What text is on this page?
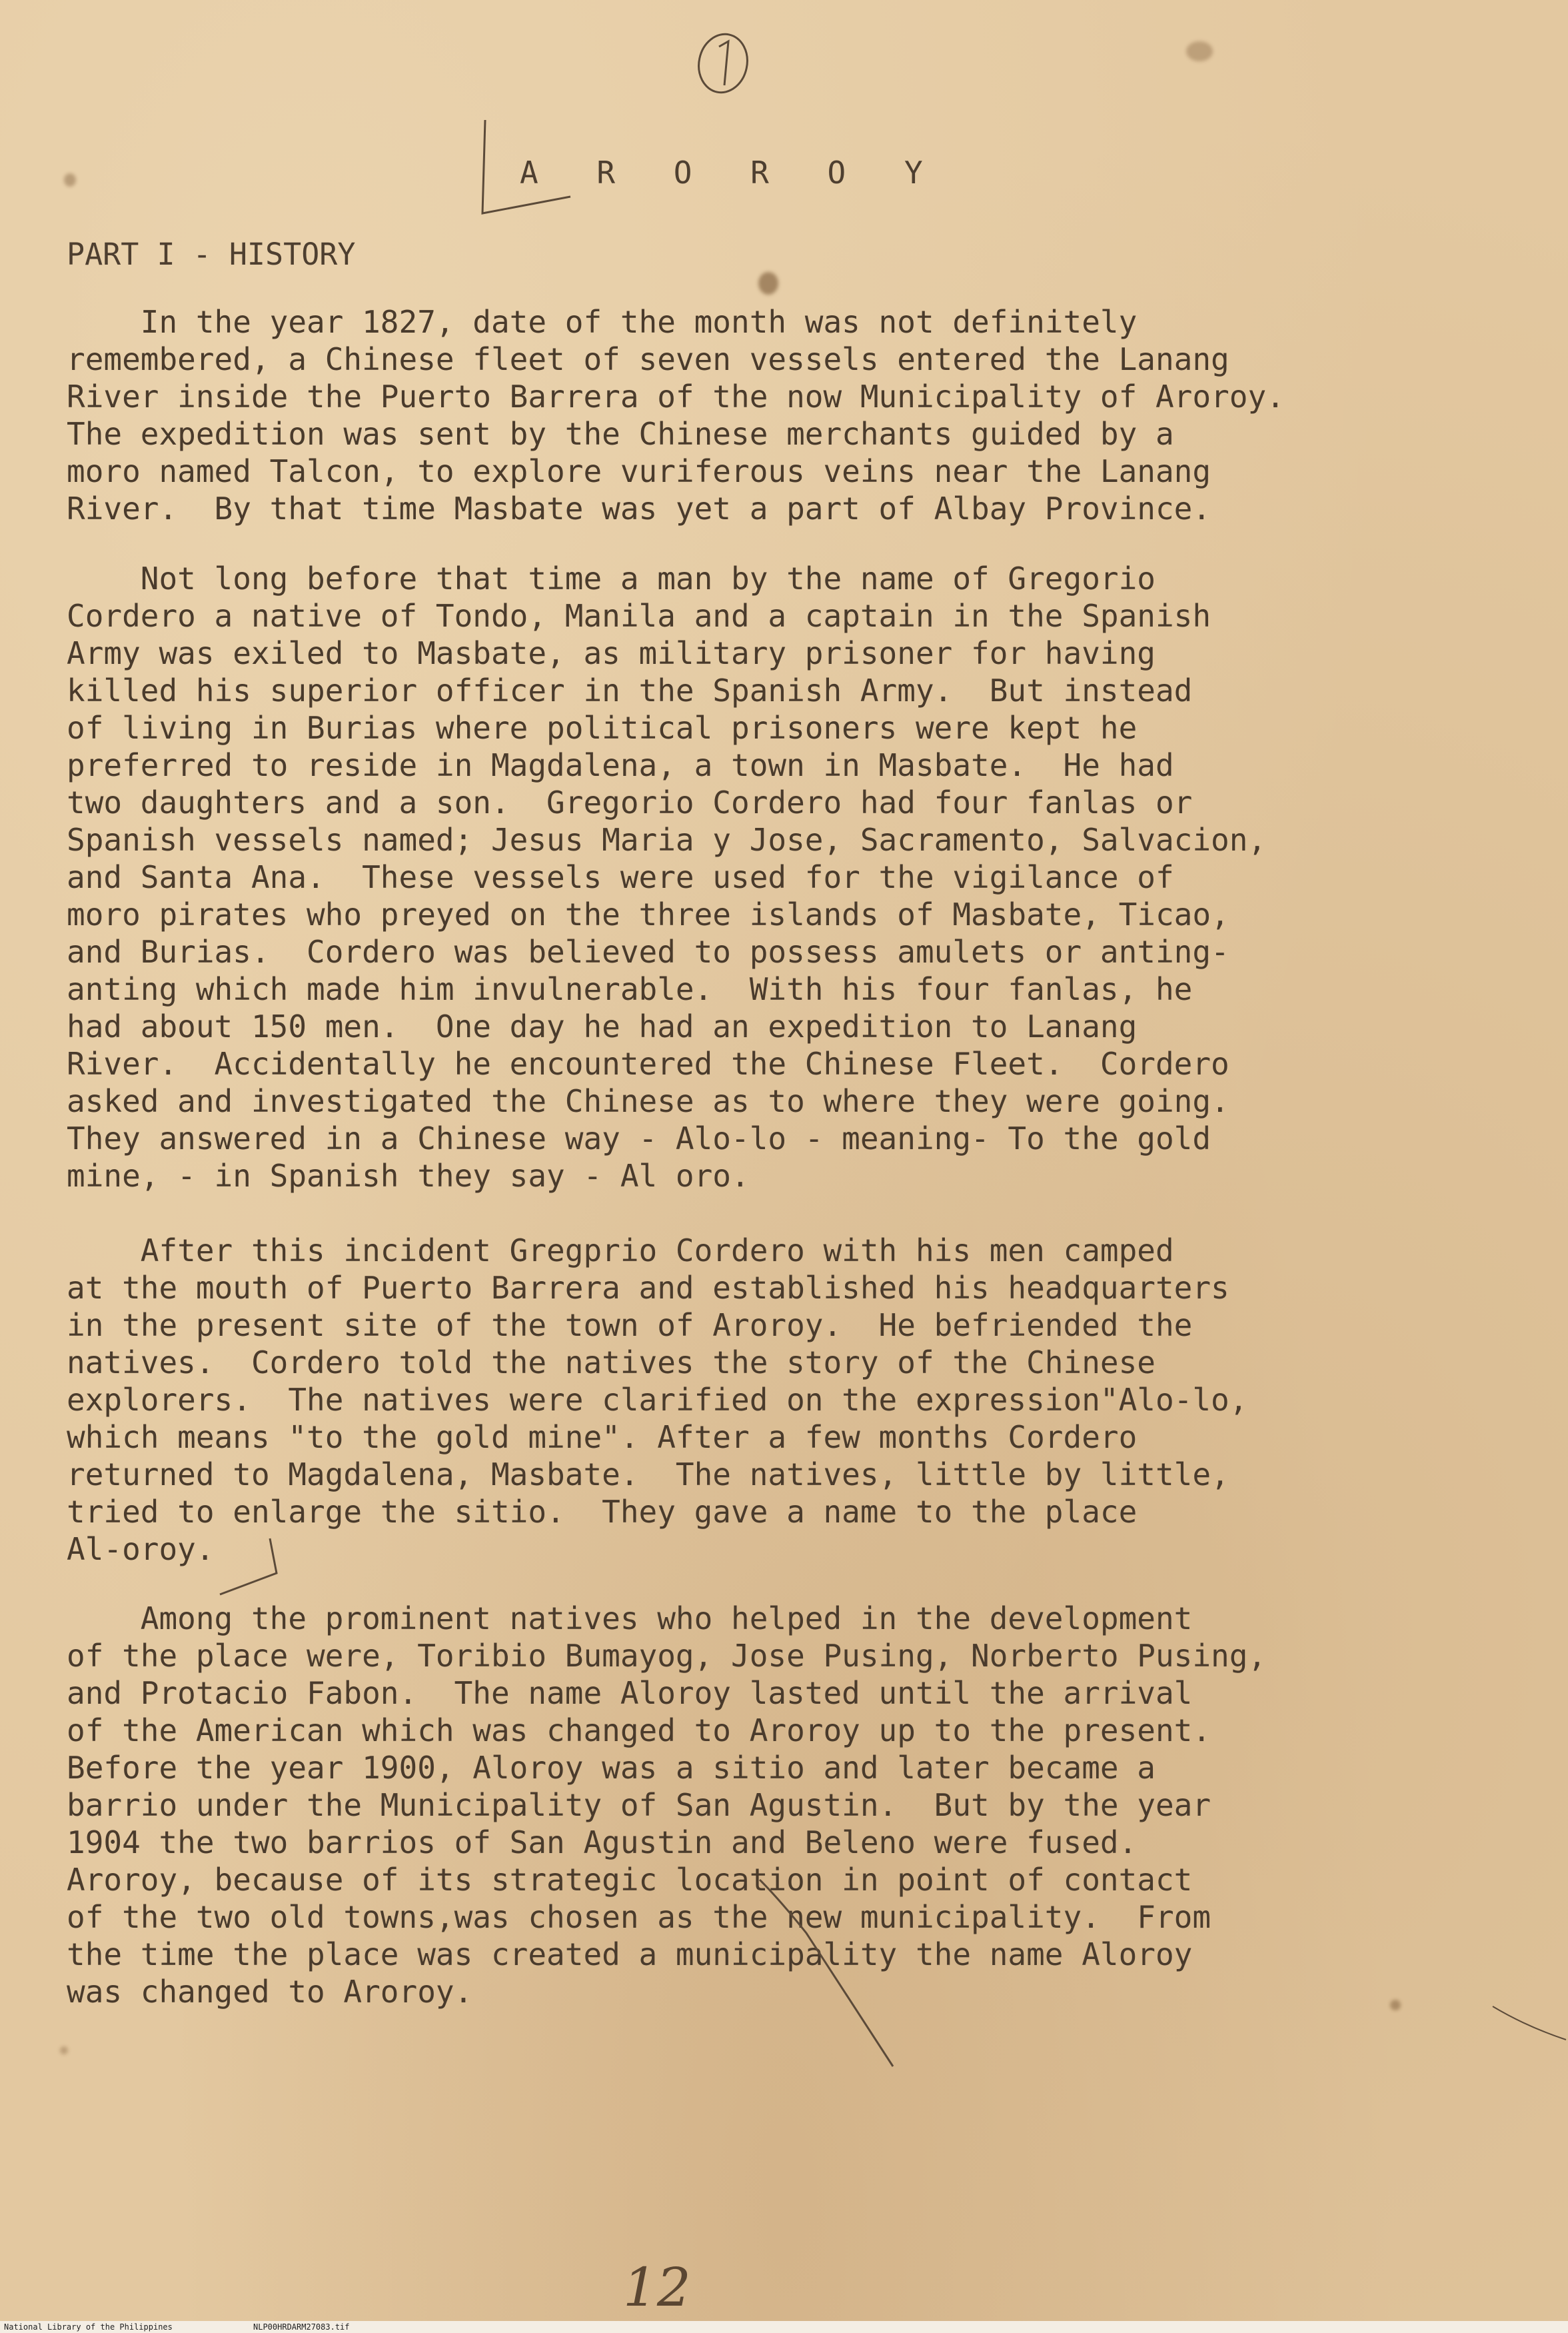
A R O R O Y
PART I - HISTORY
In the year 1827, date of the month was not definitely
remembered, a Chinese fleet of seven vessels entered the Lanang
River inside the Puerto Barrera of the now Municipality of Aroroy.
The expedition was sent by the Chinese merchants guided by a
moro named Talcon, to explore vuriferous veins near the Lanang
River.  By that time Masbate was yet a part of Albay Province.
Not long before that time a man by the name of Gregorio
Cordero a native of Tondo, Manila and a captain in the Spanish
Army was exiled to Masbate, as military prisoner for having
killed his superior officer in the Spanish Army.  But instead
of living in Burias where political prisoners were kept he
preferred to reside in Magdalena, a town in Masbate.  He had
two daughters and a son.  Gregorio Cordero had four fanlas or
Spanish vessels named; Jesus Maria y Jose, Sacramento, Salvacion,
and Santa Ana.  These vessels were used for the vigilance of
moro pirates who preyed on the three islands of Masbate, Ticao,
and Burias.  Cordero was believed to possess amulets or anting-
anting which made him invulnerable.  With his four fanlas, he
had about 150 men.  One day he had an expedition to Lanang
River.  Accidentally he encountered the Chinese Fleet.  Cordero
asked and investigated the Chinese as to where they were going.
They answered in a Chinese way - Alo-lo - meaning- To the gold
mine, - in Spanish they say - Al oro.
After this incident Gregprio Cordero with his men camped
at the mouth of Puerto Barrera and established his headquarters
in the present site of the town of Aroroy.  He befriended the
natives.  Cordero told the natives the story of the Chinese
explorers.  The natives were clarified on the expression"Alo-lo,
which means "to the gold mine". After a few months Cordero
returned to Magdalena, Masbate.  The natives, little by little,
tried to enlarge the sitio.  They gave a name to the place
Al-oroy.
Among the prominent natives who helped in the development
of the place were, Toribio Bumayog, Jose Pusing, Norberto Pusing,
and Protacio Fabon.  The name Aloroy lasted until the arrival
of the American which was changed to Aroroy up to the present.
Before the year 1900, Aloroy was a sitio and later became a
barrio under the Municipality of San Agustin.  But by the year
1904 the two barrios of San Agustin and Beleno were fused.
Aroroy, because of its strategic location in point of contact
of the two old towns,was chosen as the new municipality.  From
the time the place was created a municipality the name Aloroy
was changed to Aroroy.
12
National Library of the Philippines	NLP00HRDARM27083.tif
